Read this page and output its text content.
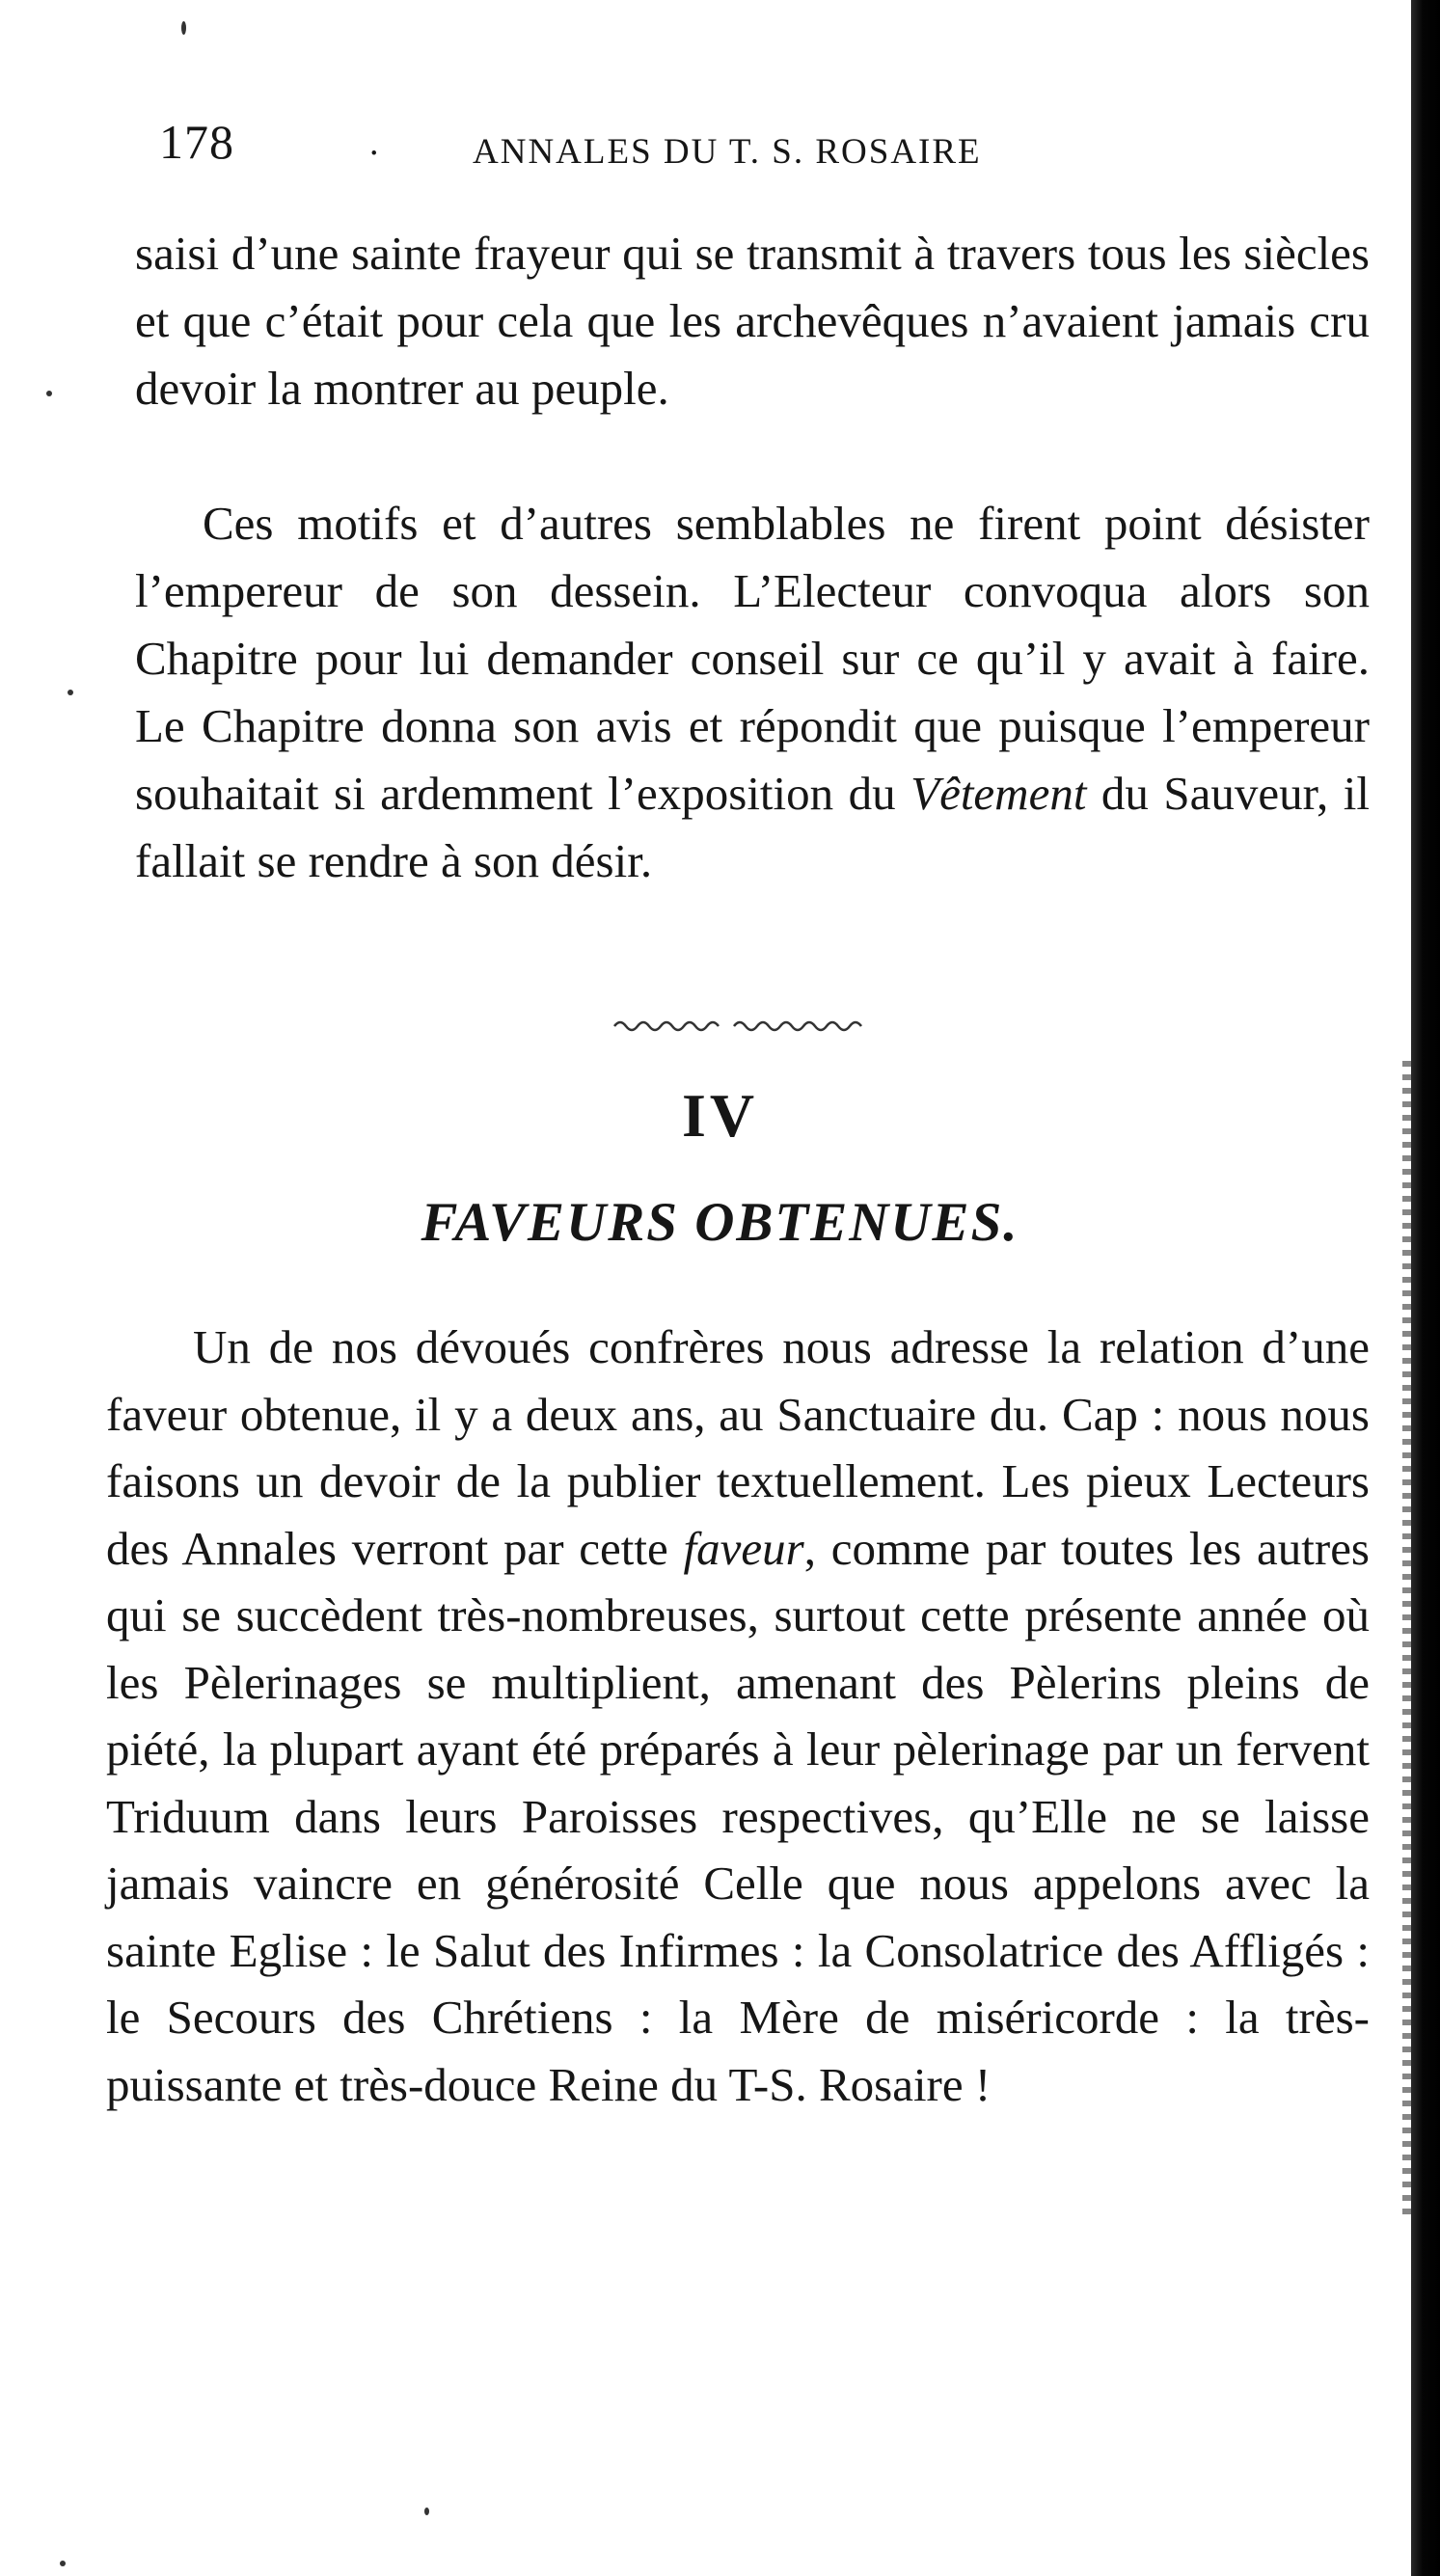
178	.	ANNALES DU T. S. ROSAIRE

saisi d’une sainte frayeur qui se transmit à travers tous les siècles et que c’était pour cela que les archevêques n’avaient jamais cru devoir la montrer au peuple.

Ces motifs et d’autres semblables ne firent point désister l’empereur de son dessein. L’Electeur convoqua alors son Chapitre pour lui demander conseil sur ce qu’il y avait à faire. Le Chapitre donna son avis et répondit que puisque l’empereur souhaitait si ardemment l’exposition du Vêtement du Sauveur, il fallait se rendre à son désir.

IV
FAVEURS OBTENUES.

Un de nos dévoués confrères nous adresse la relation d’une faveur obtenue, il y a deux ans, au Sanctuaire du. Cap : nous nous faisons un devoir de la publier textuellement. Les pieux Lecteurs des Annales verront par cette faveur, comme par toutes les autres qui se succèdent très-nombreuses, surtout cette présente année où les Pèlerinages se multiplient, amenant des Pèlerins pleins de piété, la plupart ayant été préparés à leur pèlerinage par un fervent Triduum dans leurs Paroisses respectives, qu’Elle ne se laisse jamais vaincre en générosité Celle que nous appelons avec la sainte Eglise : le Salut des Infirmes : la Consolatrice des Affligés : le Secours des Chrétiens : la Mère de miséricorde : la très-puissante et très-douce Reine du T-S. Rosaire !
